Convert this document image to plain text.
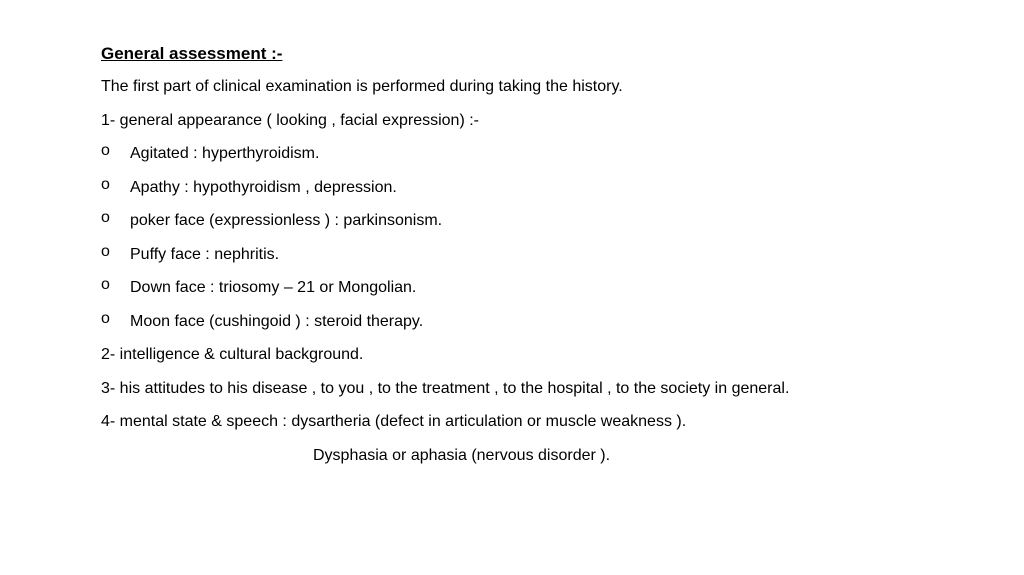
General assessment :-
The first part of clinical examination is performed during taking the history.
1- general appearance ( looking , facial expression) :-
o Agitated : hyperthyroidism.
o Apathy : hypothyroidism , depression.
o poker face (expressionless ) : parkinsonism.
o Puffy face : nephritis.
o Down face : triosomy – 21 or Mongolian.
o Moon face (cushingoid ) : steroid therapy.
2- intelligence & cultural background.
3- his attitudes to his disease , to you , to the treatment , to the hospital , to the society in general.
4- mental state & speech : dysartheria (defect in articulation or muscle weakness ).
Dysphasia or aphasia (nervous disorder ).
